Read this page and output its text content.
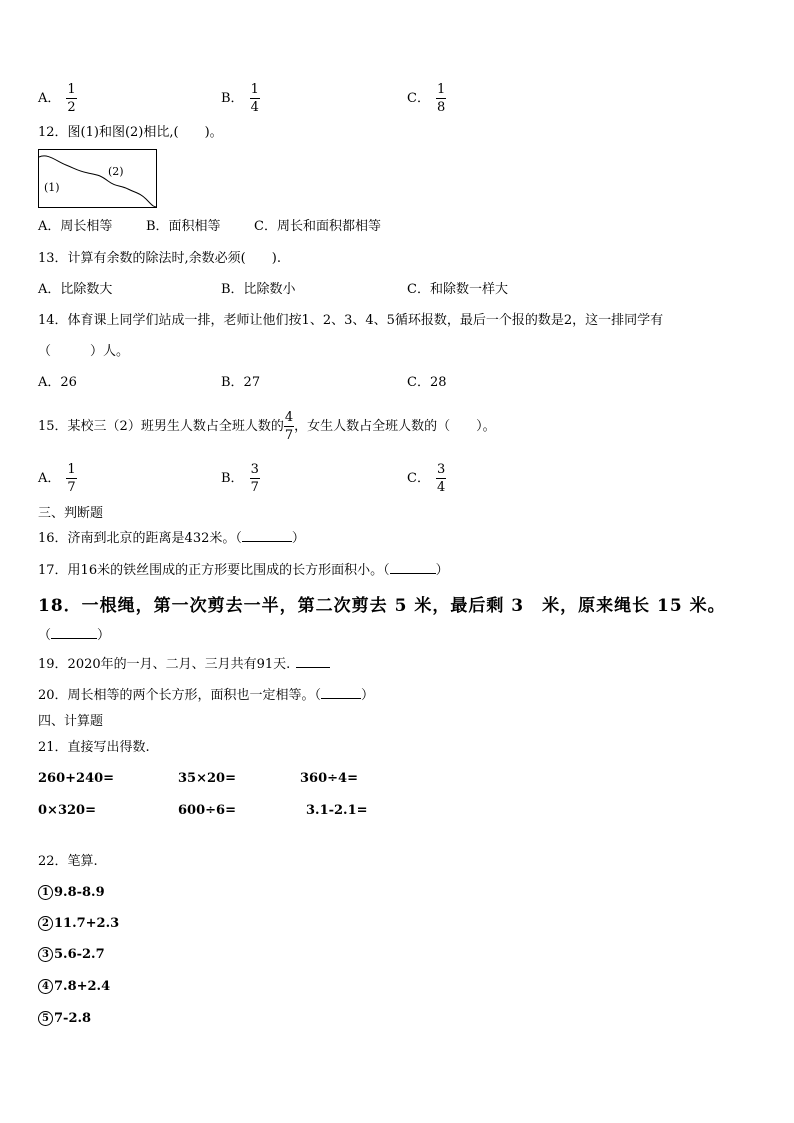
A． $\frac{1}{2}$	B． $\frac{1}{4}$	C． $\frac{1}{8}$
12．图(1)和图(2)相比,(　　)。
(1)
(2)
A．周长相等	B．面积相等	C．周长和面积都相等
13．计算有余数的除法时,余数必须(　　).
A．比除数大	B．比除数小	C．和除数一样大
14．体育课上同学们站成一排，老师让他们按1、2、3、4、5循环报数，最后一个报的数是2，这一排同学有
（　　　）人。
A．26	B．27	C．28
15．某校三（2）班男生人数占全班人数的 $\frac{4}{7}$ ，女生人数占全班人数的（　　）。
A． $\frac{1}{7}$	B． $\frac{3}{7}$	C． $\frac{3}{4}$
三、判断题
16．济南到北京的距离是432米。（	）
17．用16米的铁丝围成的正方形要比围成的长方形面积小。（	）
18．一根绳，第一次剪去一半，第二次剪去 5 米，最后剩 3　米，原来绳长 15 米。
（	）
19．2020年的一月、二月、三月共有91天.
20．周长相等的两个长方形，面积也一定相等。（	）
四、计算题
21．直接写出得数.
260+240=	35×20=	360÷4=
0×320=	600÷6=	3.1-2.1=
22．笔算.
1 9.8-8.9
2 11.7+2.3
3 5.6-2.7
4 7.8+2.4
5 7-2.8
